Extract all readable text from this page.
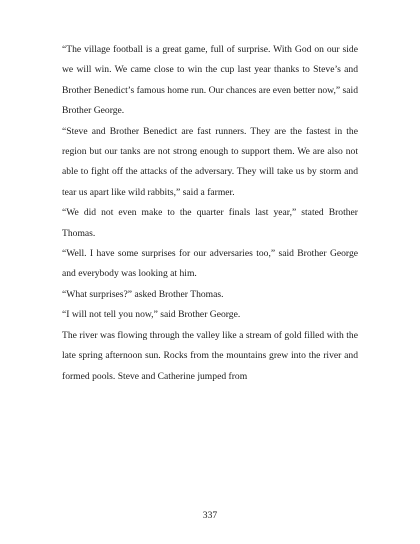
“The village football is a great game, full of surprise. With God on our side we will win. We came close to win the cup last year thanks to Steve’s and Brother Benedict’s famous home run. Our chances are even better now,” said Brother George.

“Steve and Brother Benedict are fast runners. They are the fastest in the region but our tanks are not strong enough to support them. We are also not able to fight off the attacks of the adversary. They will take us by storm and tear us apart like wild rabbits,” said a farmer.

“We did not even make to the quarter finals last year,” stated Brother Thomas.

“Well. I have some surprises for our adversaries too,” said Brother George and everybody was looking at him.

“What surprises?” asked Brother Thomas.

“I will not tell you now,” said Brother George.

The river was flowing through the valley like a stream of gold filled with the late spring afternoon sun. Rocks from the mountains grew into the river and formed pools. Steve and Catherine jumped from

337
